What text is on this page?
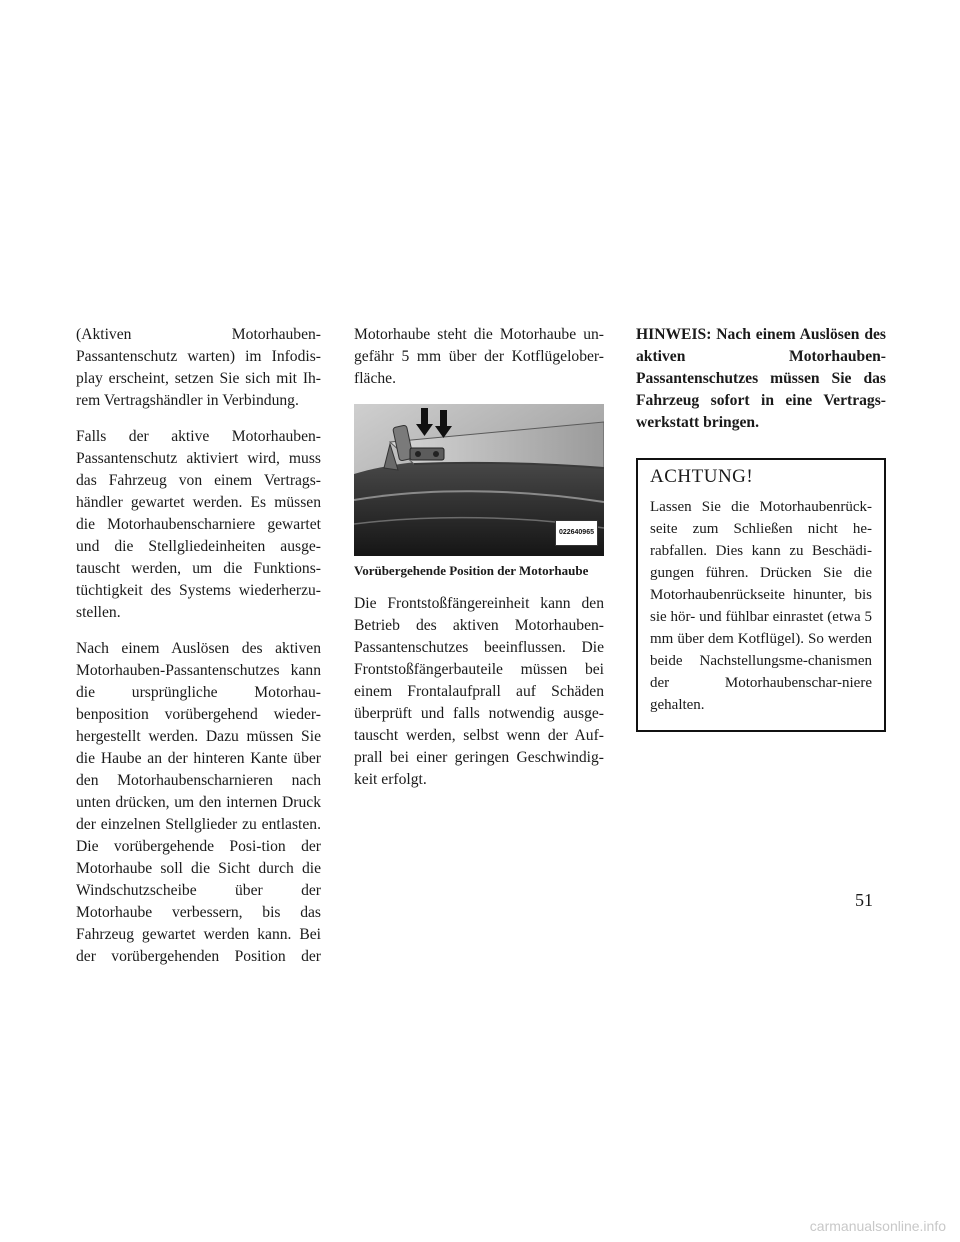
(Aktiven Motorhauben-Passantenschutz warten) im Infodis-play erscheint, setzen Sie sich mit Ih-rem Vertragshändler in Verbindung.

Falls der aktive Motorhauben-Passantenschutz aktiviert wird, muss das Fahrzeug von einem Vertrags-händler gewartet werden. Es müssen die Motorhaubenscharniere gewartet und die Stellgliedeinheiten ausge-tauscht werden, um die Funktions-tüchtigkeit des Systems wiederherzu-stellen.

Nach einem Auslösen des aktiven Motorhauben-Passantenschutzes kann die ursprüngliche Motorhau-benposition vorübergehend wieder-hergestellt werden. Dazu müssen Sie die Haube an der hinteren Kante über den Motorhaubenscharnieren nach unten drücken, um den internen Druck der einzelnen Stellglieder zu entlasten. Die vorübergehende Posi-tion der Motorhaube soll die Sicht durch die Windschutzscheibe über der Motorhaube verbessern, bis das Fahrzeug gewartet werden kann. Bei der vorübergehenden Position der

Motorhaube steht die Motorhaube un-gefähr 5 mm über der Kotflügelober-fläche.

022640965

Vorübergehende Position der Motorhaube

Die Frontstoßfängereinheit kann den Betrieb des aktiven Motorhauben-Passantenschutzes beeinflussen. Die Frontstoßfängerbauteile müssen bei einem Frontalaufprall auf Schäden überprüft und falls notwendig ausge-tauscht werden, selbst wenn der Auf-prall bei einer geringen Geschwindig-keit erfolgt.

HINWEIS: Nach einem Auslösen des aktiven Motorhauben-Passantenschutzes müssen Sie das Fahrzeug sofort in eine Vertrags-werkstatt bringen.

ACHTUNG!

Lassen Sie die Motorhaubenrück-seite zum Schließen nicht he-rabfallen. Dies kann zu Beschädi-gungen führen. Drücken Sie die Motorhaubenrückseite hinunter, bis sie hör- und fühlbar einrastet (etwa 5 mm über dem Kotflügel). So werden beide Nachstellungsme-chanismen der Motorhaubenschar-niere gehalten.

51
carmanualsonline.info
